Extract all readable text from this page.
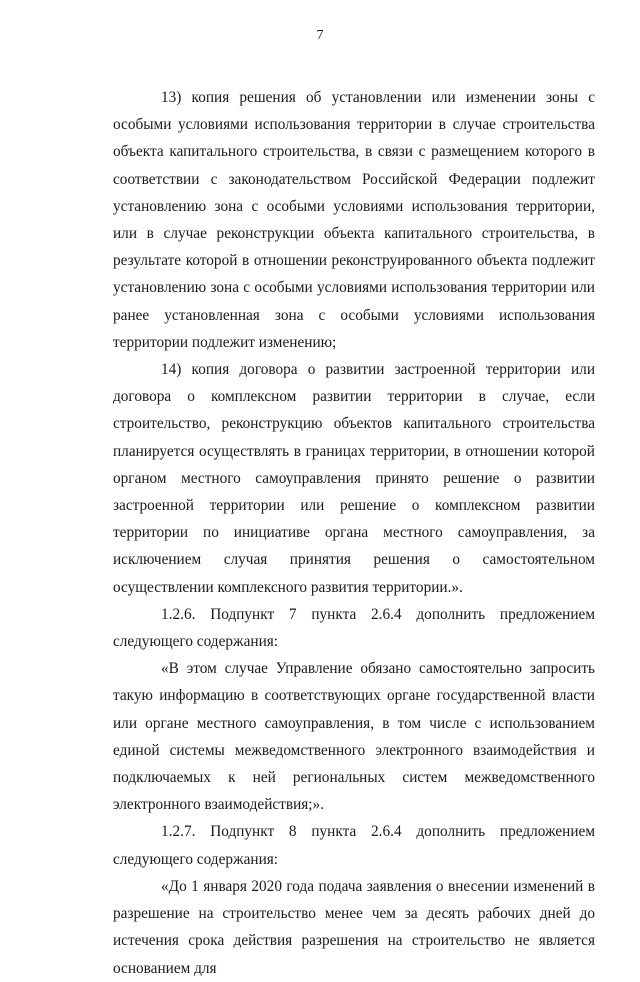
7

13) копия решения об установлении или изменении зоны с особыми условиями использования территории в случае строительства объекта капитального строительства, в связи с размещением которого в соответствии с законодательством Российской Федерации подлежит установлению зона с особыми условиями использования территории, или в случае реконструкции объекта капитального строительства, в результате которой в отношении реконструированного объекта подлежит установлению зона с особыми условиями использования территории или ранее установленная зона с особыми условиями использования территории подлежит изменению;

14) копия договора о развитии застроенной территории или договора о комплексном развитии территории в случае, если строительство, реконструкцию объектов капитального строительства планируется осуществлять в границах территории, в отношении которой органом местного самоуправления принято решение о развитии застроенной территории или решение о комплексном развитии территории по инициативе органа местного самоуправления, за исключением случая принятия решения о самостоятельном осуществлении комплексного развития территории.».

1.2.6. Подпункт 7 пункта 2.6.4 дополнить предложением следующего содержания:

«В этом случае Управление обязано самостоятельно запросить такую информацию в соответствующих органе государственной власти или органе местного самоуправления, в том числе с использованием единой системы межведомственного электронного взаимодействия и подключаемых к ней региональных систем межведомственного электронного взаимодействия;».

1.2.7. Подпункт 8 пункта 2.6.4 дополнить предложением следующего содержания:

«До 1 января 2020 года подача заявления о внесении изменений в разрешение на строительство менее чем за десять рабочих дней до истечения срока действия разрешения на строительство не является основанием для
